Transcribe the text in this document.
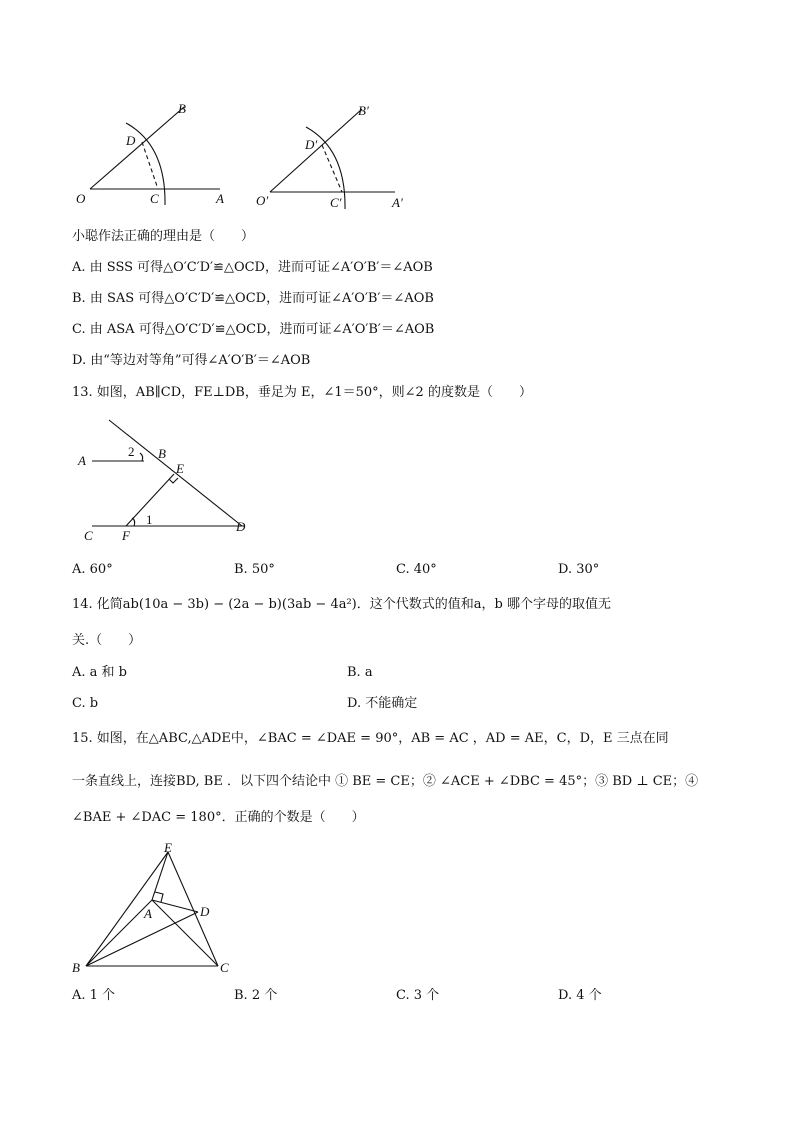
B
D
O	C	A
B′
D′
O′	C′	A′
小聪作法正确的理由是（　　）
A. 由 SSS 可得△O′C′D′≌△OCD，进而可证∠A′O′B′＝∠AOB
B. 由 SAS 可得△O′C′D′≌△OCD，进而可证∠A′O′B′＝∠AOB
C. 由 ASA 可得△O′C′D′≌△OCD，进而可证∠A′O′B′＝∠AOB
D. 由“等边对等角”可得∠A′O′B′＝∠AOB
13. 如图，AB∥CD，FE⊥DB，垂足为 E，∠1＝50°，则∠2 的度数是（　　）
A
2 B
E
1	D
C F
A. 60°	B. 50°	C. 40°	D. 30°
14. 化简ab(10a − 3b) − (2a − b)(3ab − 4a²)．这个代数式的值和a，b 哪个字母的取值无
关.（　　）
A. a 和 b	B. a
C. b	D. 不能确定
15. 如图，在△ABC,△ADE中，∠BAC = ∠DAE = 90°，AB = AC ，AD = AE，C，D，E 三点在同
一条直线上，连接BD, BE ．以下四个结论中 ① BE = CE；② ∠ACE + ∠DBC = 45°；③ BD ⊥ CE；④
∠BAE + ∠DAC = 180°．正确的个数是（　　）
E
A	D
B	C
A. 1 个	B. 2 个	C. 3 个	D. 4 个
